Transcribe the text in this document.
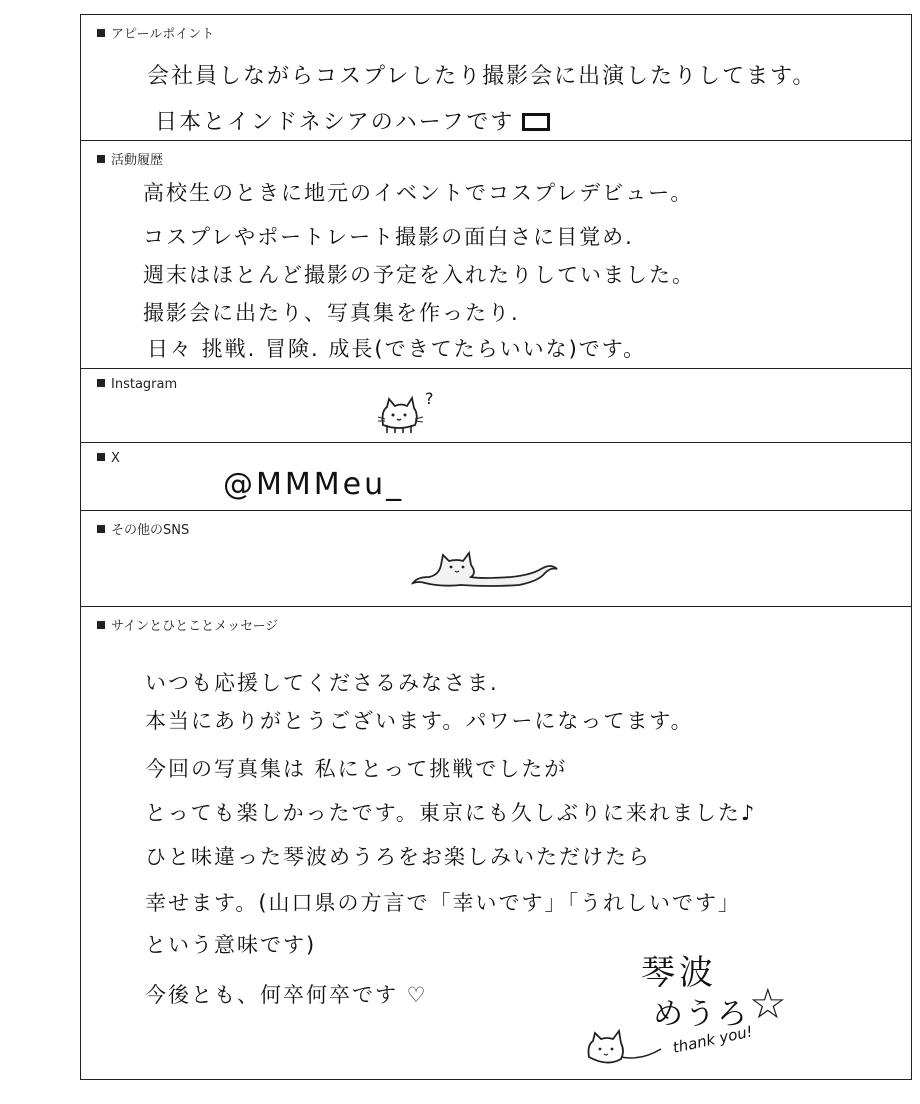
アピールポイント
会社員しながらコスプレしたり撮影会に出演したりしてます。
日本とインドネシアのハーフです
活動履歴
高校生のときに地元のイベントでコスプレデビュー。
コスプレやポートレート撮影の面白さに目覚め.
週末はほとんど撮影の予定を入れたりしていました。
撮影会に出たり、写真集を作ったり.
日々 挑戦. 冒険. 成長(できてたらいいな)です。
Instagram
?
X
@MMMeu_
その他のSNS
サインとひとことメッセージ
いつも応援してくださるみなさま.
本当にありがとうございます。パワーになってます。
今回の写真集は 私にとって挑戦でしたが
とっても楽しかったです。東京にも久しぶりに来れました♪
ひと味違った琴波めうろをお楽しみいただけたら
幸せます。(山口県の方言で「幸いです」「うれしいです」
という意味です)
今後とも、何卒何卒です ♡
琴波
めうろ ☆
thank you!
